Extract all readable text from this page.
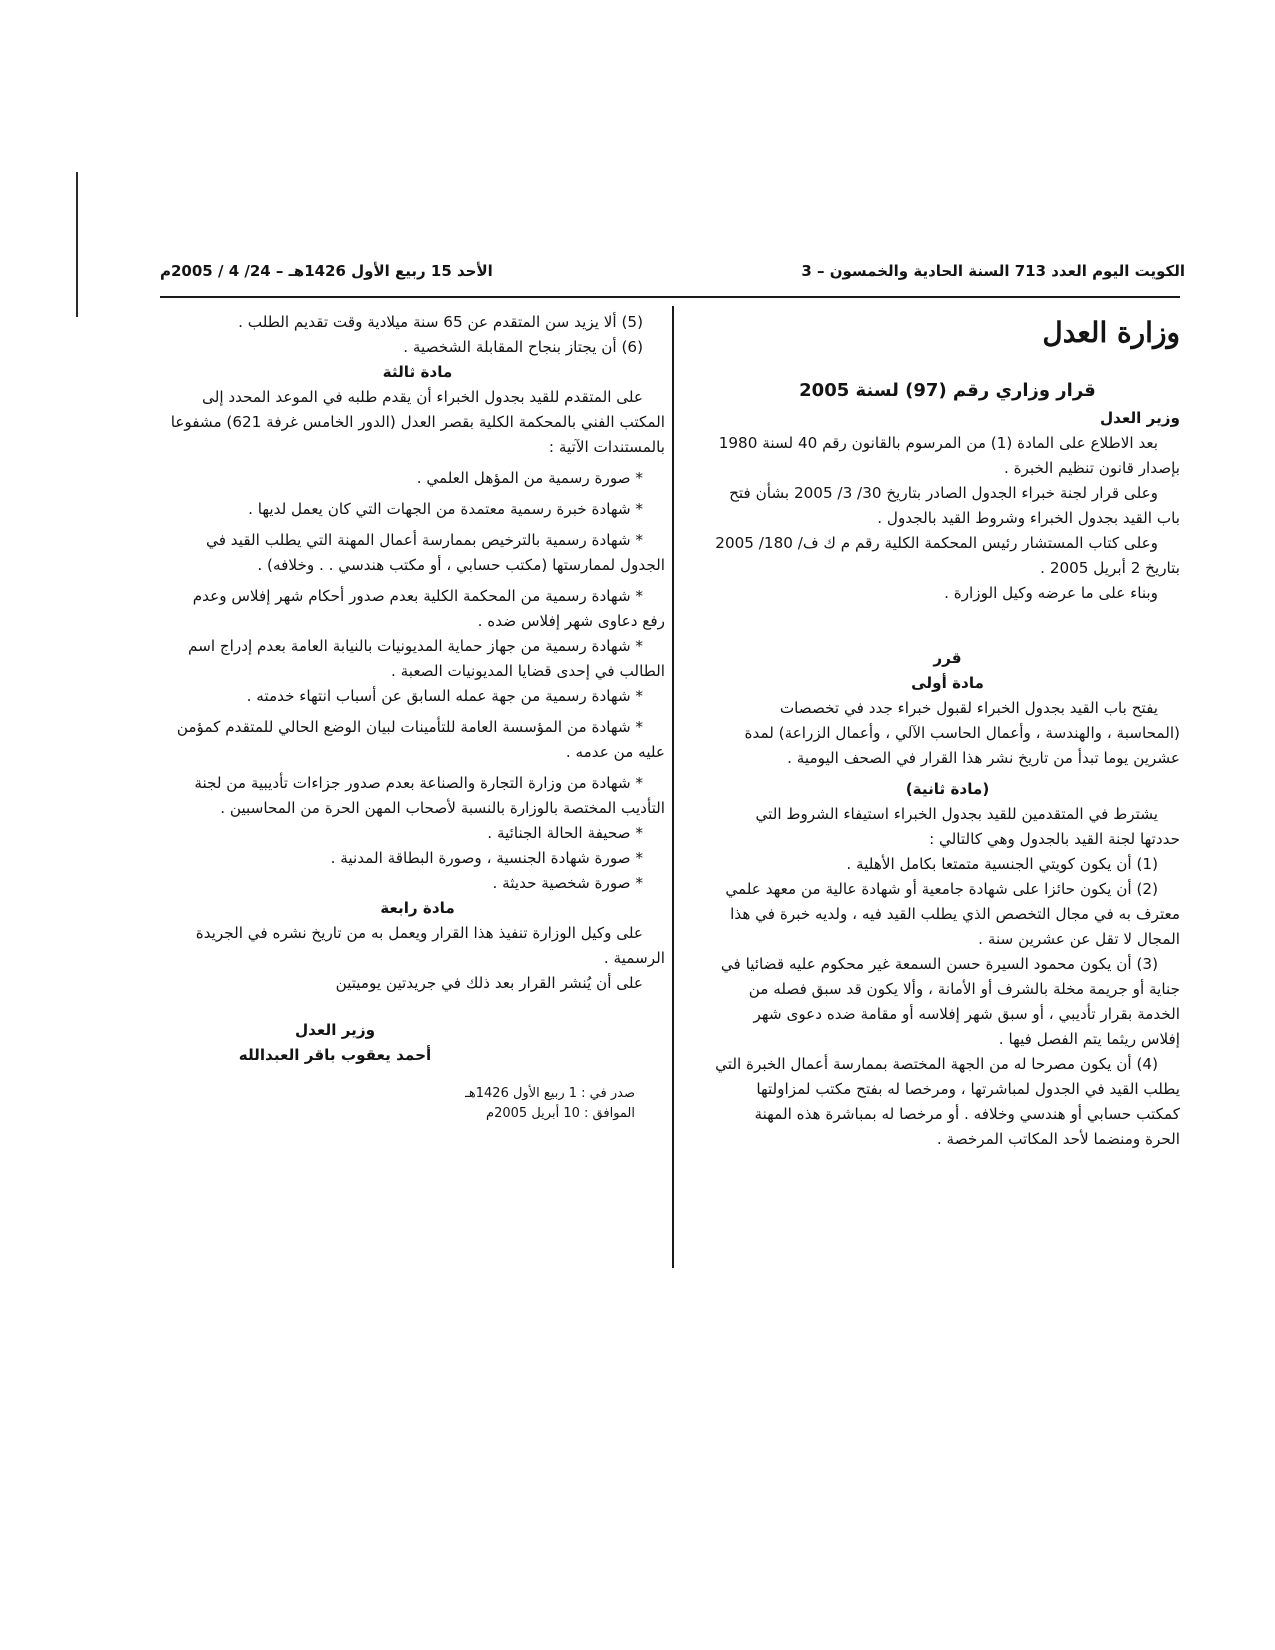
الكويت اليوم العدد 713 السنة الحادية والخمسون – 3
الأحد 15 ربيع الأول 1426هـ – 24/ 4 / 2005م
وزارة العدل
قرار وزاري رقم (97) لسنة 2005

وزير العدل

بعد الاطلاع على المادة (1) من المرسوم بالقانون رقم 40 لسنة 1980 بإصدار قانون تنظيم الخبرة .

وعلى قرار لجنة خبراء الجدول الصادر بتاريخ 30/ 3/ 2005 بشأن فتح باب القيد بجدول الخبراء وشروط القيد بالجدول .

وعلى كتاب المستشار رئيس المحكمة الكلية رقم م ك ف/ 180/ 2005 بتاريخ 2 أبريل 2005 .

وبناء على ما عرضه وكيل الوزارة .

قرر

مادة أولى

يفتح باب القيد بجدول الخبراء لقبول خبراء جدد في تخصصات (المحاسبة ، والهندسة ، وأعمال الحاسب الآلي ، وأعمال الزراعة) لمدة عشرين يوما تبدأ من تاريخ نشر هذا القرار في الصحف اليومية .

(مادة ثانية)

يشترط في المتقدمين للقيد بجدول الخبراء استيفاء الشروط التي حددتها لجنة القيد بالجدول وهي كالتالي :

(1) أن يكون كويتي الجنسية متمتعا بكامل الأهلية .

(2) أن يكون حائزا على شهادة جامعية أو شهادة عالية من معهد علمي معترف به في مجال التخصص الذي يطلب القيد فيه ، ولديه خبرة في هذا المجال لا تقل عن عشرين سنة .

(3) أن يكون محمود السيرة حسن السمعة غير محكوم عليه قضائيا في جناية أو جريمة مخلة بالشرف أو الأمانة ، وألا يكون قد سبق فصله من الخدمة بقرار تأديبي ، أو سبق شهر إفلاسه أو مقامة ضده دعوى شهر إفلاس ريثما يتم الفصل فيها .

(4) أن يكون مصرحا له من الجهة المختصة بممارسة أعمال الخبرة التي يطلب القيد في الجدول لمباشرتها ، ومرخصا له بفتح مكتب لمزاولتها كمكتب حسابي أو هندسي وخلافه . أو مرخصا له بمباشرة هذه المهنة الحرة ومنضما لأحد المكاتب المرخصة .

(5) ألا يزيد سن المتقدم عن 65 سنة ميلادية وقت تقديم الطلب .

(6) أن يجتاز بنجاح المقابلة الشخصية .

مادة ثالثة

على المتقدم للقيد بجدول الخبراء أن يقدم طلبه في الموعد المحدد إلى المكتب الفني بالمحكمة الكلية بقصر العدل (الدور الخامس غرفة 621) مشفوعا بالمستندات الآتية :

* صورة رسمية من المؤهل العلمي .

* شهادة خبرة رسمية معتمدة من الجهات التي كان يعمل لديها .

* شهادة رسمية بالترخيص بممارسة أعمال المهنة التي يطلب القيد في الجدول لممارستها (مكتب حسابي ، أو مكتب هندسي . . وخلافه) .

* شهادة رسمية من المحكمة الكلية بعدم صدور أحكام شهر إفلاس وعدم رفع دعاوى شهر إفلاس ضده .

* شهادة رسمية من جهاز حماية المديونيات بالنيابة العامة بعدم إدراج اسم الطالب في إحدى قضايا المديونيات الصعبة .

* شهادة رسمية من جهة عمله السابق عن أسباب انتهاء خدمته .

* شهادة من المؤسسة العامة للتأمينات لبيان الوضع الحالي للمتقدم كمؤمن عليه من عدمه .

* شهادة من وزارة التجارة والصناعة بعدم صدور جزاءات تأديبية من لجنة التأديب المختصة بالوزارة بالنسبة لأصحاب المهن الحرة من المحاسبين .

* صحيفة الحالة الجنائية .

* صورة شهادة الجنسية ، وصورة البطاقة المدنية .

* صورة شخصية حديثة .

مادة رابعة

على وكيل الوزارة تنفيذ هذا القرار ويعمل به من تاريخ نشره في الجريدة الرسمية .

على أن يُنشر القرار بعد ذلك في جريدتين يوميتين

وزير العدل

أحمد يعقوب باقر العبدالله

صدر في : 1 ربيع الأول 1426هـ

الموافق : 10 أبريل 2005م
